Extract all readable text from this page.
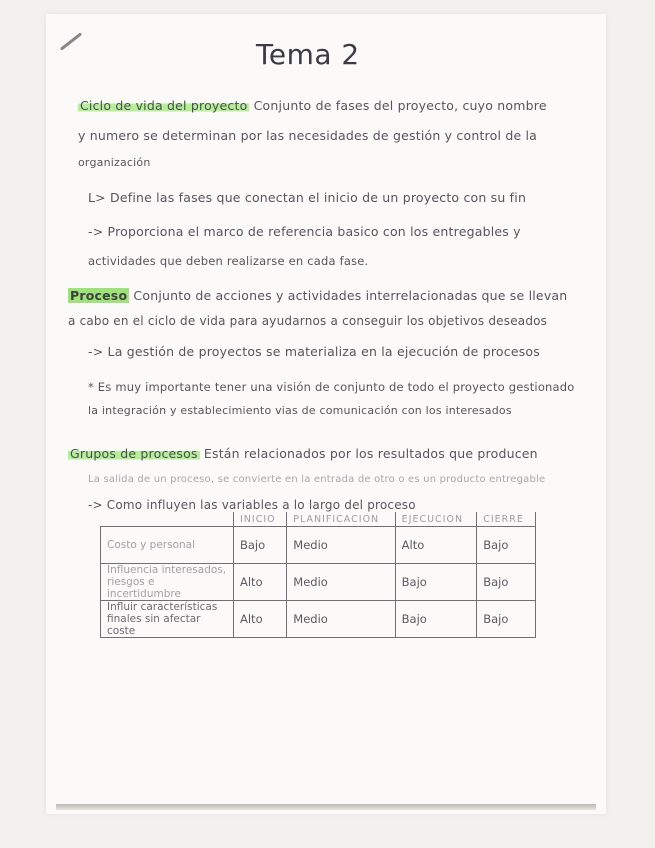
Tema 2
Ciclo de vida del proyecto Conjunto de fases del proyecto, cuyo nombre
y numero se determinan por las necesidades de gestión y control de la
organización
L> Define las fases que conectan el inicio de un proyecto con su fin
-> Proporciona el marco de referencia basico con los entregables y
actividades que deben realizarse en cada fase.
Proceso Conjunto de acciones y actividades interrelacionadas que se llevan
a cabo en el ciclo de vida para ayudarnos a conseguir los objetivos deseados
-> La gestión de proyectos se materializa en la ejecución de procesos
* Es muy importante tener una visión de conjunto de todo el proyecto gestionado
la integración y establecimiento vias de comunicación con los interesados
Grupos de procesos Están relacionados por los resultados que producen
La salida de un proceso, se convierte en la entrada de otro o es un producto entregable
-> Como influyen las variables a lo largo del proceso
	INICIO	PLANIFICACION	EJECUCION	CIERRE
Costo y personal	Bajo	Medio	Alto	Bajo
Influencia interesados, riesgos e incertidumbre	Alto	Medio	Bajo	Bajo
Influir características finales sin afectar coste	Alto	Medio	Bajo	Bajo
